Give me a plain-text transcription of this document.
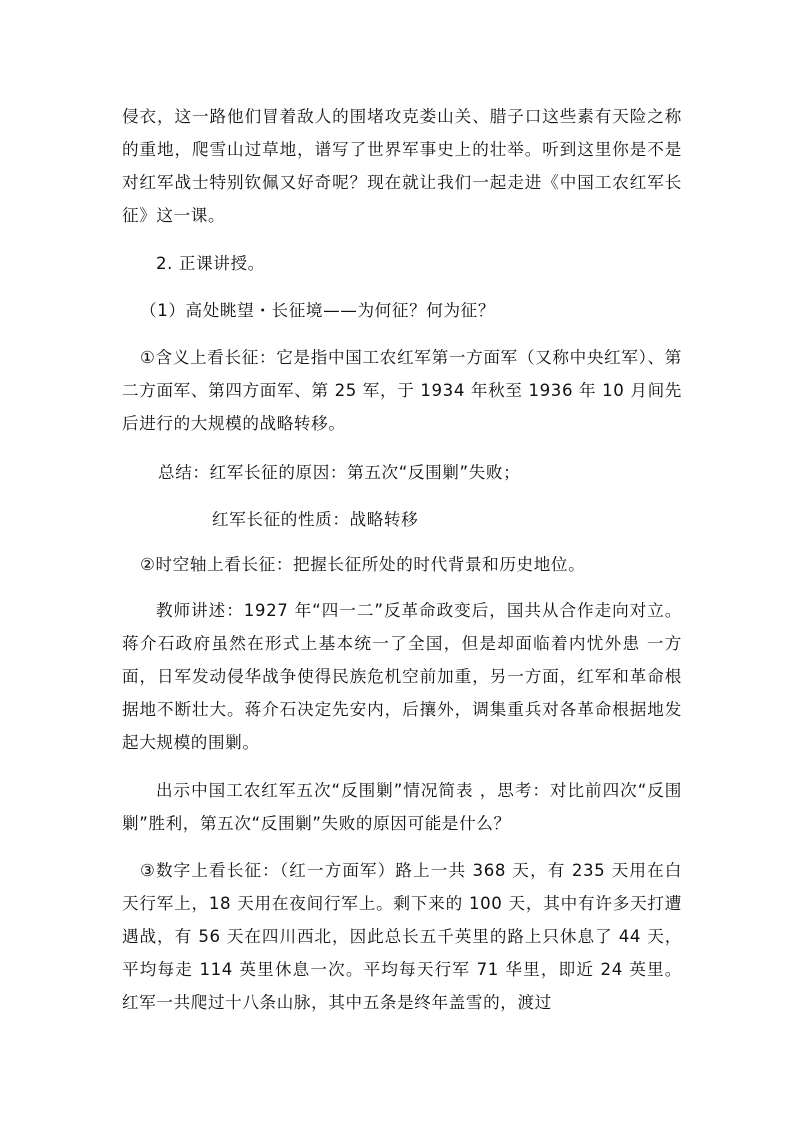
侵衣，这一路他们冒着敌人的围堵攻克娄山关、腊子口这些素有天险之称的重地，爬雪山过草地，谱写了世界军事史上的壮举。听到这里你是不是对红军战士特别钦佩又好奇呢？现在就让我们一起走进《中国工农红军长征》这一课。

2. 正课讲授。

（1）高处眺望・长征境——为何征？何为征？

①含义上看长征：它是指中国工农红军第一方面军（又称中央红军）、第二方面军、第四方面军、第 25 军，于 1934 年秋至 1936 年 10 月间先后进行的大规模的战略转移。

总结：红军长征的原因：第五次“反围剿”失败；

红军长征的性质：战略转移

②时空轴上看长征：把握长征所处的时代背景和历史地位。

教师讲述：1927 年“四一二”反革命政变后，国共从合作走向对立。蒋介石政府虽然在形式上基本统一了全国，但是却面临着内忧外患 一方面，日军发动侵华战争使得民族危机空前加重，另一方面，红军和革命根据地不断壮大。蒋介石决定先安内，后攘外，调集重兵对各革命根据地发起大规模的围剿。

出示中国工农红军五次“反围剿”情况简表 ，思考：对比前四次“反围剿”胜利，第五次“反围剿”失败的原因可能是什么？

③数字上看长征：（红一方面军）路上一共 368 天，有 235 天用在白天行军上，18 天用在夜间行军上。剩下来的 100 天，其中有许多天打遭遇战，有 56 天在四川西北，因此总长五千英里的路上只休息了 44 天，平均每走 114 英里休息一次。平均每天行军 71 华里，即近 24 英里。红军一共爬过十八条山脉，其中五条是终年盖雪的，渡过
